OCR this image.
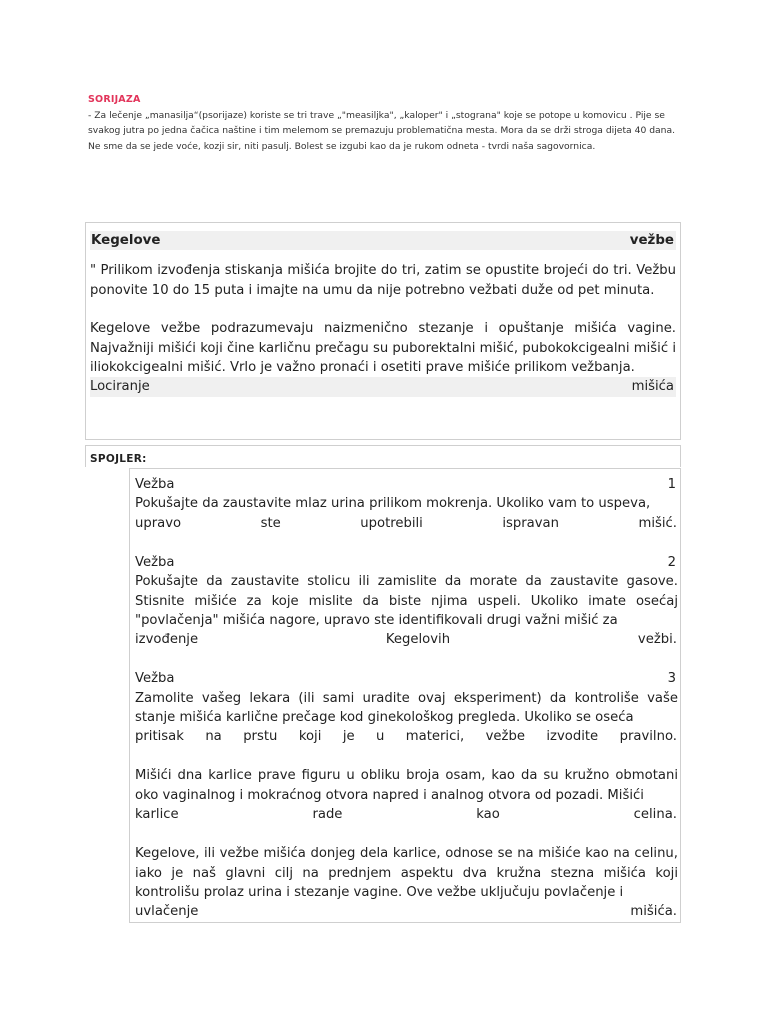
SORIJAZA
- Za lečenje „manasilja“(psorijaze) koriste se tri trave „"measiljka", „kaloper" i „stograna" koje se potope u komovicu . Pije se svakog jutra po jedna čačica naštine i tim melemom se premazuju problematična mesta. Mora da se drži stroga dijeta 40 dana. Ne sme da se jede voće, kozji sir, niti pasulj. Bolest se izgubi kao da je rukom odneta - tvrdi naša sagovornica.
Kegelove	vežbe
" Prilikom izvođenja stiskanja mišića brojite do tri, zatim se opustite brojeći do tri. Vežbu ponovite 10 do 15 puta i imajte na umu da nije potrebno vežbati duže od pet minuta.
Kegelove vežbe podrazumevaju naizmenično stezanje i opuštanje mišića vagine. Najvažniji mišići koji čine karličnu prečagu su puborektalni mišić, pubokokcigealni mišić i iliokokcigealni mišić. Vrlo je važno pronaći i osetiti prave mišiće prilikom vežbanja.
Lociranje	mišića
SPOJLER:
Vežba	1
Pokušajte da zaustavite mlaz urina prilikom mokrenja. Ukoliko vam to uspeva,
upravo	ste	upotrebili	ispravan	mišić.
Vežba	2
Pokušajte da zaustavite stolicu ili zamislite da morate da zaustavite gasove. Stisnite mišiće za koje mislite da biste njima uspeli. Ukoliko imate osećaj "povlačenja" mišića nagore, upravo ste identifikovali drugi važni mišić za
izvođenje	Kegelovih	vežbi.
Vežba	3
Zamolite vašeg lekara (ili sami uradite ovaj eksperiment) da kontroliše vaše stanje mišića karlične prečage kod ginekološkog pregleda. Ukoliko se oseća
pritisak na prstu koji je u materici, vežbe izvodite pravilno.
Mišići dna karlice prave figuru u obliku broja osam, kao da su kružno obmotani oko vaginalnog i mokraćnog otvora napred i analnog otvora od pozadi. Mišići
karlice	rade	kao	celina.
Kegelove, ili vežbe mišića donjeg dela karlice, odnose se na mišiće kao na celinu, iako je naš glavni cilj na prednjem aspektu dva kružna stezna mišića koji kontrolišu prolaz urina i stezanje vagine. Ove vežbe uključuju povlačenje i
uvlačenje	mišića.
